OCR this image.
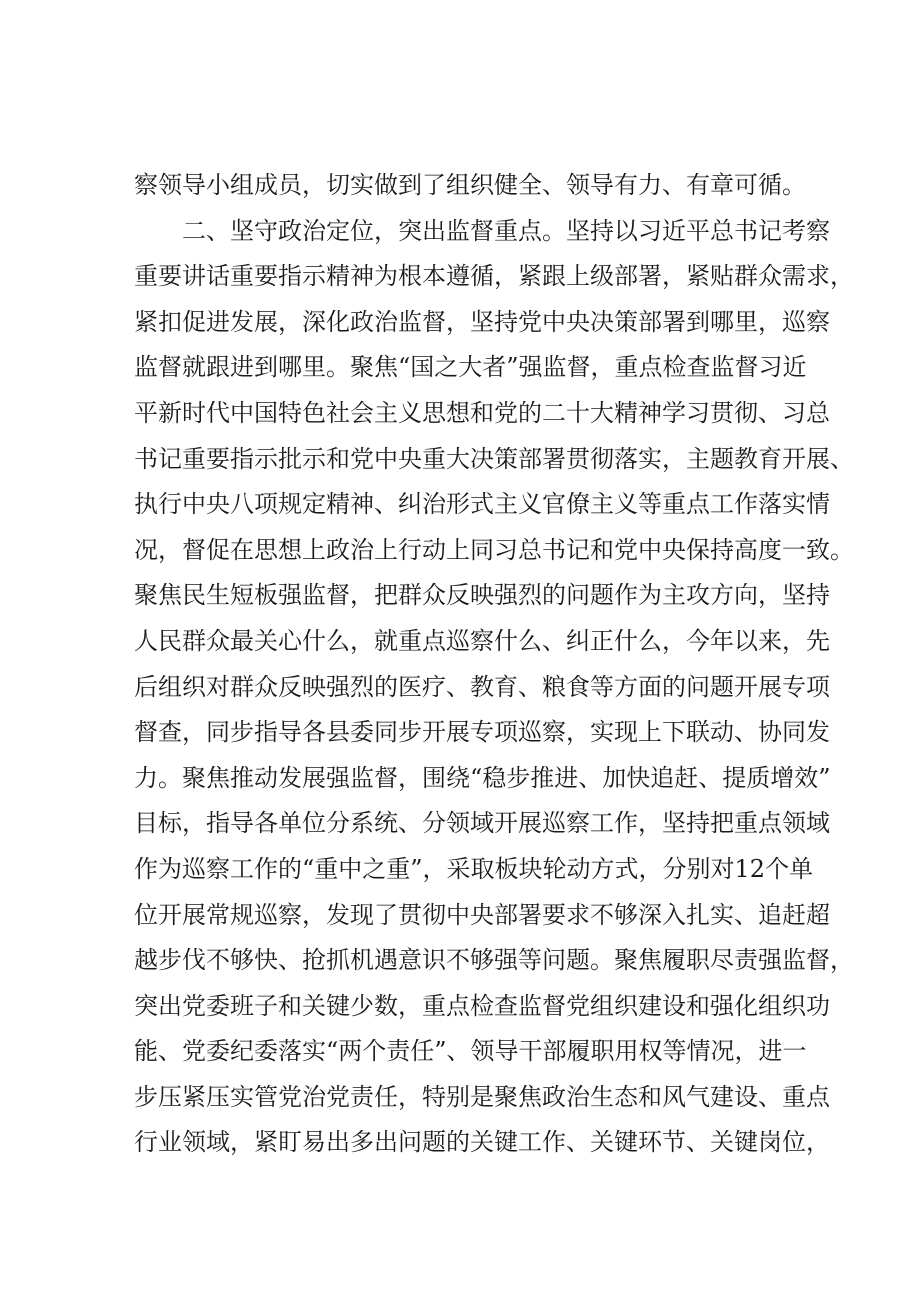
察领导小组成员，切实做到了组织健全、领导有力、有章可循。
二、坚守政治定位，突出监督重点。坚持以习近平总书记考察
重要讲话重要指示精神为根本遵循，紧跟上级部署，紧贴群众需求，
紧扣促进发展，深化政治监督，坚持党中央决策部署到哪里，巡察
监督就跟进到哪里。聚焦“国之大者”强监督，重点检查监督习近
平新时代中国特色社会主义思想和党的二十大精神学习贯彻、习总
书记重要指示批示和党中央重大决策部署贯彻落实，主题教育开展、
执行中央八项规定精神、纠治形式主义官僚主义等重点工作落实情
况，督促在思想上政治上行动上同习总书记和党中央保持高度一致。
聚焦民生短板强监督，把群众反映强烈的问题作为主攻方向，坚持
人民群众最关心什么，就重点巡察什么、纠正什么，今年以来，先
后组织对群众反映强烈的医疗、教育、粮食等方面的问题开展专项
督查，同步指导各县委同步开展专项巡察，实现上下联动、协同发
力。聚焦推动发展强监督，围绕“稳步推进、加快追赶、提质增效”
目标，指导各单位分系统、分领域开展巡察工作，坚持把重点领域
作为巡察工作的“重中之重”，采取板块轮动方式，分别对12个单
位开展常规巡察，发现了贯彻中央部署要求不够深入扎实、追赶超
越步伐不够快、抢抓机遇意识不够强等问题。聚焦履职尽责强监督，
突出党委班子和关键少数，重点检查监督党组织建设和强化组织功
能、党委纪委落实“两个责任”、领导干部履职用权等情况，进一
步压紧压实管党治党责任，特别是聚焦政治生态和风气建设、重点
行业领域，紧盯易出多出问题的关键工作、关键环节、关键岗位，
